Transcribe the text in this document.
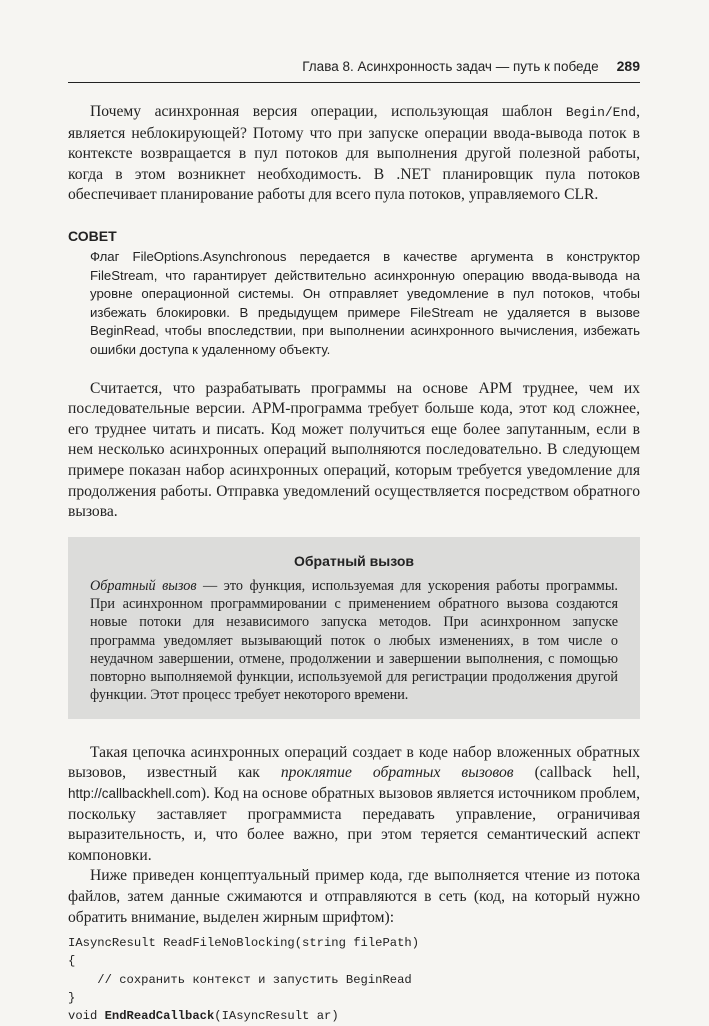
Глава 8. Асинхронность задач — путь к победе 289

Почему асинхронная версия операции, использующая шаблон Begin/End, является неблокирующей? Потому что при запуске операции ввода-вывода поток в контексте возвращается в пул потоков для выполнения другой полезной работы, когда в этом возникнет необходимость. В .NET планировщик пула потоков обеспечивает планирование работы для всего пула потоков, управляемого CLR.

СОВЕТ
Флаг FileOptions.Asynchronous передается в качестве аргумента в конструктор FileStream, что гарантирует действительно асинхронную операцию ввода-вывода на уровне операционной системы. Он отправляет уведомление в пул потоков, чтобы избежать блокировки. В предыдущем примере FileStream не удаляется в вызове BeginRead, чтобы впоследствии, при выполнении асинхронного вычисления, избежать ошибки доступа к удаленному объекту.

Считается, что разрабатывать программы на основе APM труднее, чем их последовательные версии. APM-программа требует больше кода, этот код сложнее, его труднее читать и писать. Код может получиться еще более запутанным, если в нем несколько асинхронных операций выполняются последовательно. В следующем примере показан набор асинхронных операций, которым требуется уведомление для продолжения работы. Отправка уведомлений осуществляется посредством обратного вызова.

Обратный вызов
Обратный вызов — это функция, используемая для ускорения работы программы. При асинхронном программировании с применением обратного вызова создаются новые потоки для независимого запуска методов. При асинхронном запуске программа уведомляет вызывающий поток о любых изменениях, в том числе о неудачном завершении, отмене, продолжении и завершении выполнения, с помощью повторно выполняемой функции, используемой для регистрации продолжения другой функции. Этот процесс требует некоторого времени.

Такая цепочка асинхронных операций создает в коде набор вложенных обратных вызовов, известный как проклятие обратных вызовов (callback hell, http://callbackhell.com). Код на основе обратных вызовов является источником проблем, поскольку заставляет программиста передавать управление, ограничивая выразительность, и, что более важно, при этом теряется семантический аспект компоновки.

Ниже приведен концептуальный пример кода, где выполняется чтение из потока файлов, затем данные сжимаются и отправляются в сеть (код, на который нужно обратить внимание, выделен жирным шрифтом):

IAsyncResult ReadFileNoBlocking(string filePath)
{
// сохранить контекст и запустить BeginRead
}
void EndReadCallback(IAsyncResult ar)
